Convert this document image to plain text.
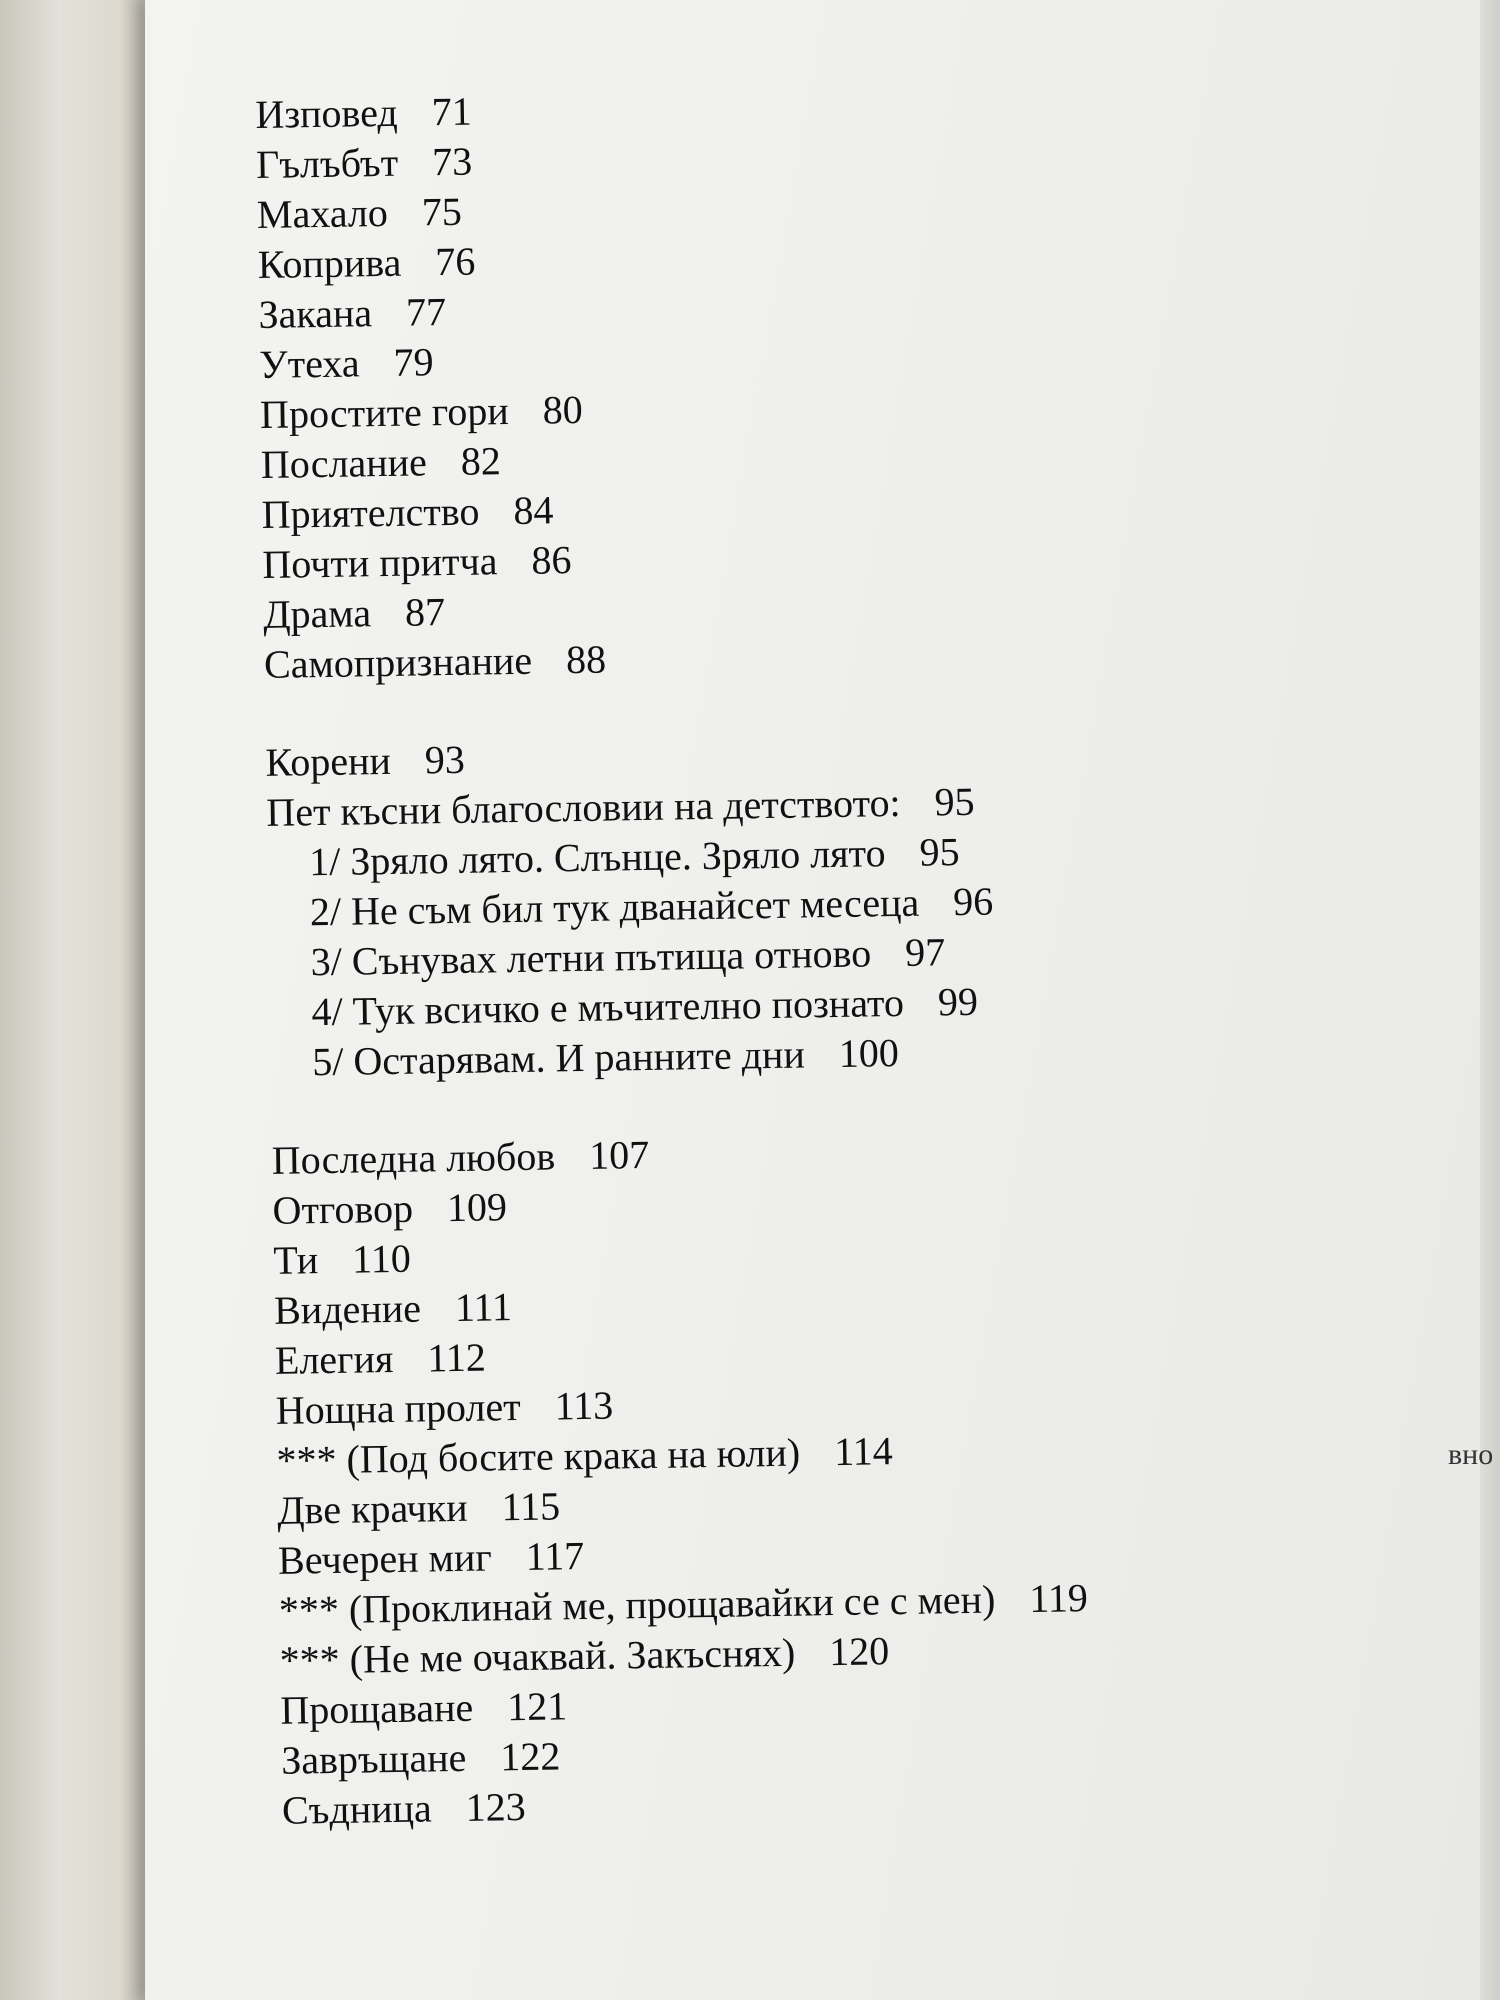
вно
Изповед 71
Гълъбът 73
Махало 75
Коприва 76
Закана 77
Утеха 79
Простите гори 80
Послание 82
Приятелство 84
Почти притча 86
Драма 87
Самопризнание 88
Корени 93
Пет късни благословии на детството: 95
1/ Зряло лято. Слънце. Зряло лято 95
2/ Не съм бил тук дванайсет месеца 96
3/ Сънувах летни пътища отново 97
4/ Тук всичко е мъчително познато 99
5/ Остарявам. И ранните дни 100
Последна любов 107
Отговор 109
Ти 110
Видение 111
Елегия 112
Нощна пролет 113
*** (Под босите крака на юли) 114
Две крачки 115
Вечерен миг 117
*** (Проклинай ме, прощавайки се с мен) 119
*** (Не ме очаквай. Закъснях) 120
Прощаване 121
Завръщане 122
Съдница 123
